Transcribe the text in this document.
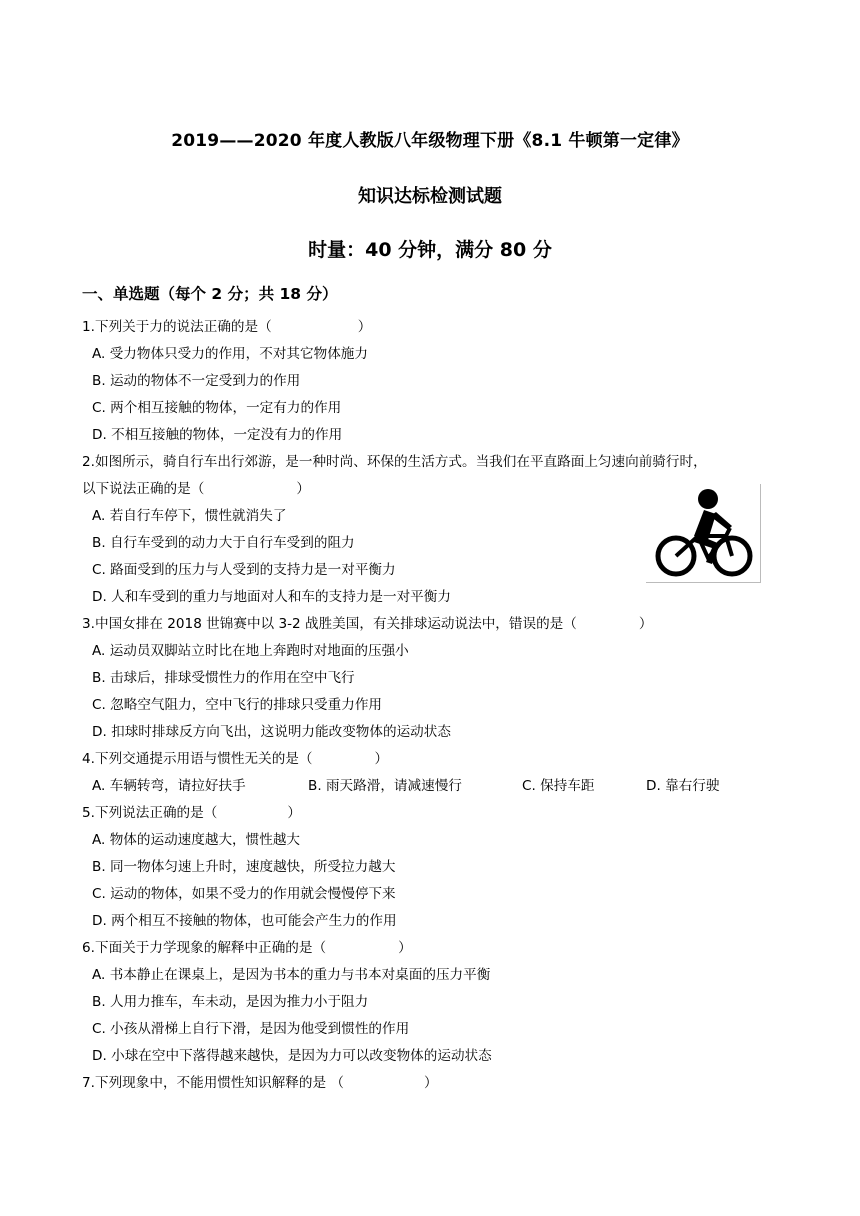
2019——2020 年度人教版八年级物理下册《8.1 牛顿第一定律》
知识达标检测试题
时量：40 分钟，满分 80 分
一、单选题（每个 2 分；共 18 分）
1.下列关于力的说法正确的是（	）
A. 受力物体只受力的作用，不对其它物体施力
B. 运动的物体不一定受到力的作用
C. 两个相互接触的物体，一定有力的作用
D. 不相互接触的物体，一定没有力的作用
2.如图所示，骑自行车出行郊游，是一种时尚、环保的生活方式。当我们在平直路面上匀速向前骑行时，
以下说法正确的是（	）
A. 若自行车停下，惯性就消失了
B. 自行车受到的动力大于自行车受到的阻力
C. 路面受到的压力与人受到的支持力是一对平衡力
D. 人和车受到的重力与地面对人和车的支持力是一对平衡力
3.中国女排在 2018 世锦赛中以 3-2 战胜美国，有关排球运动说法中，错误的是（	）
A. 运动员双脚站立时比在地上奔跑时对地面的压强小
B. 击球后，排球受惯性力的作用在空中飞行
C. 忽略空气阻力，空中飞行的排球只受重力作用
D. 扣球时排球反方向飞出，这说明力能改变物体的运动状态
4.下列交通提示用语与惯性无关的是（	）
A. 车辆转弯，请拉好扶手	B. 雨天路滑，请减速慢行	C. 保持车距	D. 靠右行驶
5.下列说法正确的是（	）
A. 物体的运动速度越大，惯性越大
B. 同一物体匀速上升时，速度越快，所受拉力越大
C. 运动的物体，如果不受力的作用就会慢慢停下来
D. 两个相互不接触的物体，也可能会产生力的作用
6.下面关于力学现象的解释中正确的是（	）
A. 书本静止在课桌上，是因为书本的重力与书本对桌面的压力平衡
B. 人用力推车，车未动，是因为推力小于阻力
C. 小孩从滑梯上自行下滑，是因为他受到惯性的作用
D. 小球在空中下落得越来越快，是因为力可以改变物体的运动状态
7.下列现象中，不能用惯性知识解释的是 （	）
